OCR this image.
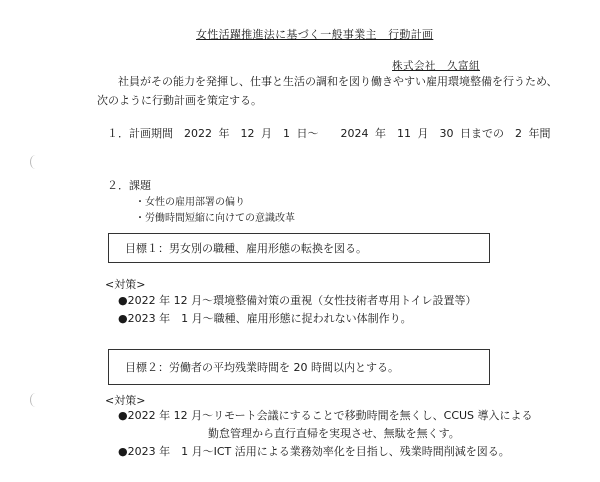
女性活躍推進法に基づく一般事業主　行動計画
株式会社　久富組
社員がその能力を発揮し、仕事と生活の調和を図り働きやすい雇用環境整備を行うため、
次のように行動計画を策定する。
１．計画期間　2022 年　12 月　1 日～　　2024 年　11 月　30 日までの　2 年間
２．課題
・女性の雇用部署の偏り
・労働時間短縮に向けての意識改革
目標１：男女別の職種、雇用形態の転換を図る。
<対策>
●2022 年 12 月～環境整備対策の重視（女性技術者専用トイレ設置等）
●2023 年　1 月～職種、雇用形態に捉われない体制作り。
目標２：労働者の平均残業時間を 20 時間以内とする。
<対策>
●2022 年 12 月～リモート会議にすることで移動時間を無くし、CCUS 導入による
勤怠管理から直行直帰を実現させ、無駄を無くす。
●2023 年　1 月～ICT 活用による業務効率化を目指し、残業時間削減を図る。
